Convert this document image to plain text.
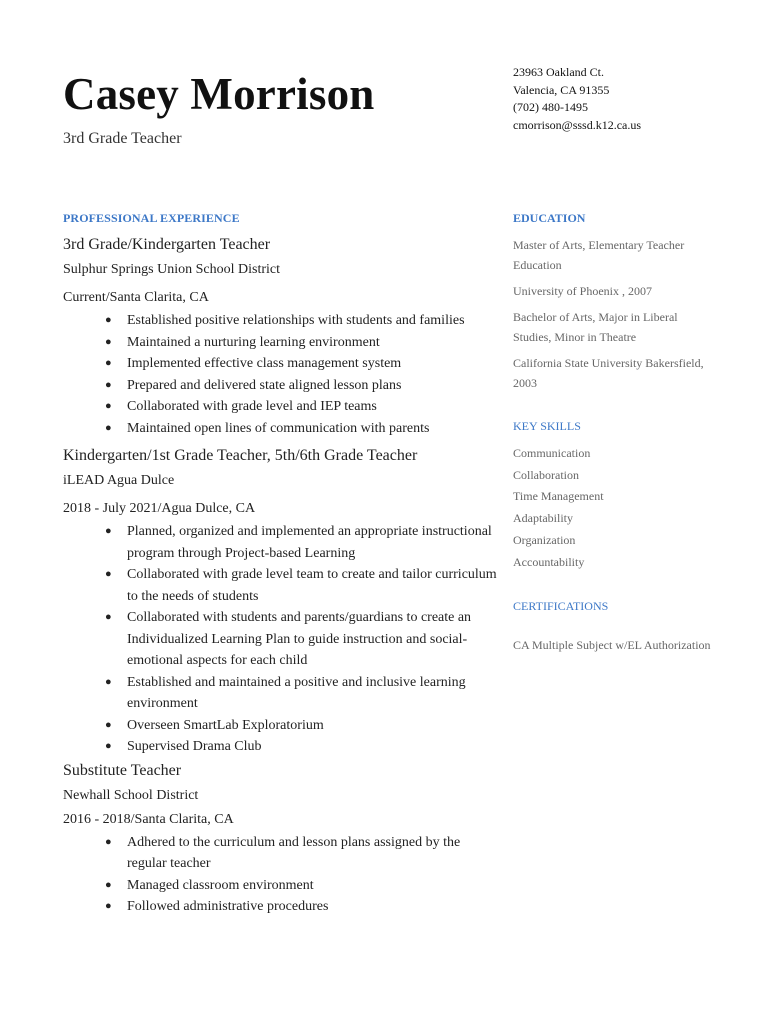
Casey Morrison
3rd Grade Teacher
23963 Oakland Ct.
Valencia, CA 91355
(702) 480-1495
cmorrison@sssd.k12.ca.us
PROFESSIONAL EXPERIENCE
3rd Grade/Kindergarten Teacher
Sulphur Springs Union School District
Current/Santa Clarita, CA
● Established positive relationships with students and families
● Maintained a nurturing learning environment
● Implemented effective class management system
● Prepared and delivered state aligned lesson plans
● Collaborated with grade level and IEP teams
● Maintained open lines of communication with parents
Kindergarten/1st Grade Teacher, 5th/6th Grade Teacher
iLEAD Agua Dulce
2018 - July 2021/Agua Dulce, CA
● Planned, organized and implemented an appropriate instructional program through Project-based Learning
● Collaborated with grade level team to create and tailor curriculum to the needs of students
● Collaborated with students and parents/guardians to create an Individualized Learning Plan to guide instruction and social-emotional aspects for each child
● Established and maintained a positive and inclusive learning environment
● Overseen SmartLab Exploratorium
● Supervised Drama Club
Substitute Teacher
Newhall School District
2016 - 2018/Santa Clarita, CA
● Adhered to the curriculum and lesson plans assigned by the regular teacher
● Managed classroom environment
● Followed administrative procedures
EDUCATION
Master of Arts, Elementary Teacher Education
University of Phoenix , 2007
Bachelor of Arts, Major in Liberal Studies, Minor in Theatre
California State University Bakersfield, 2003
KEY SKILLS
Communication
Collaboration
Time Management
Adaptability
Organization
Accountability
CERTIFICATIONS
CA Multiple Subject w/EL Authorization
